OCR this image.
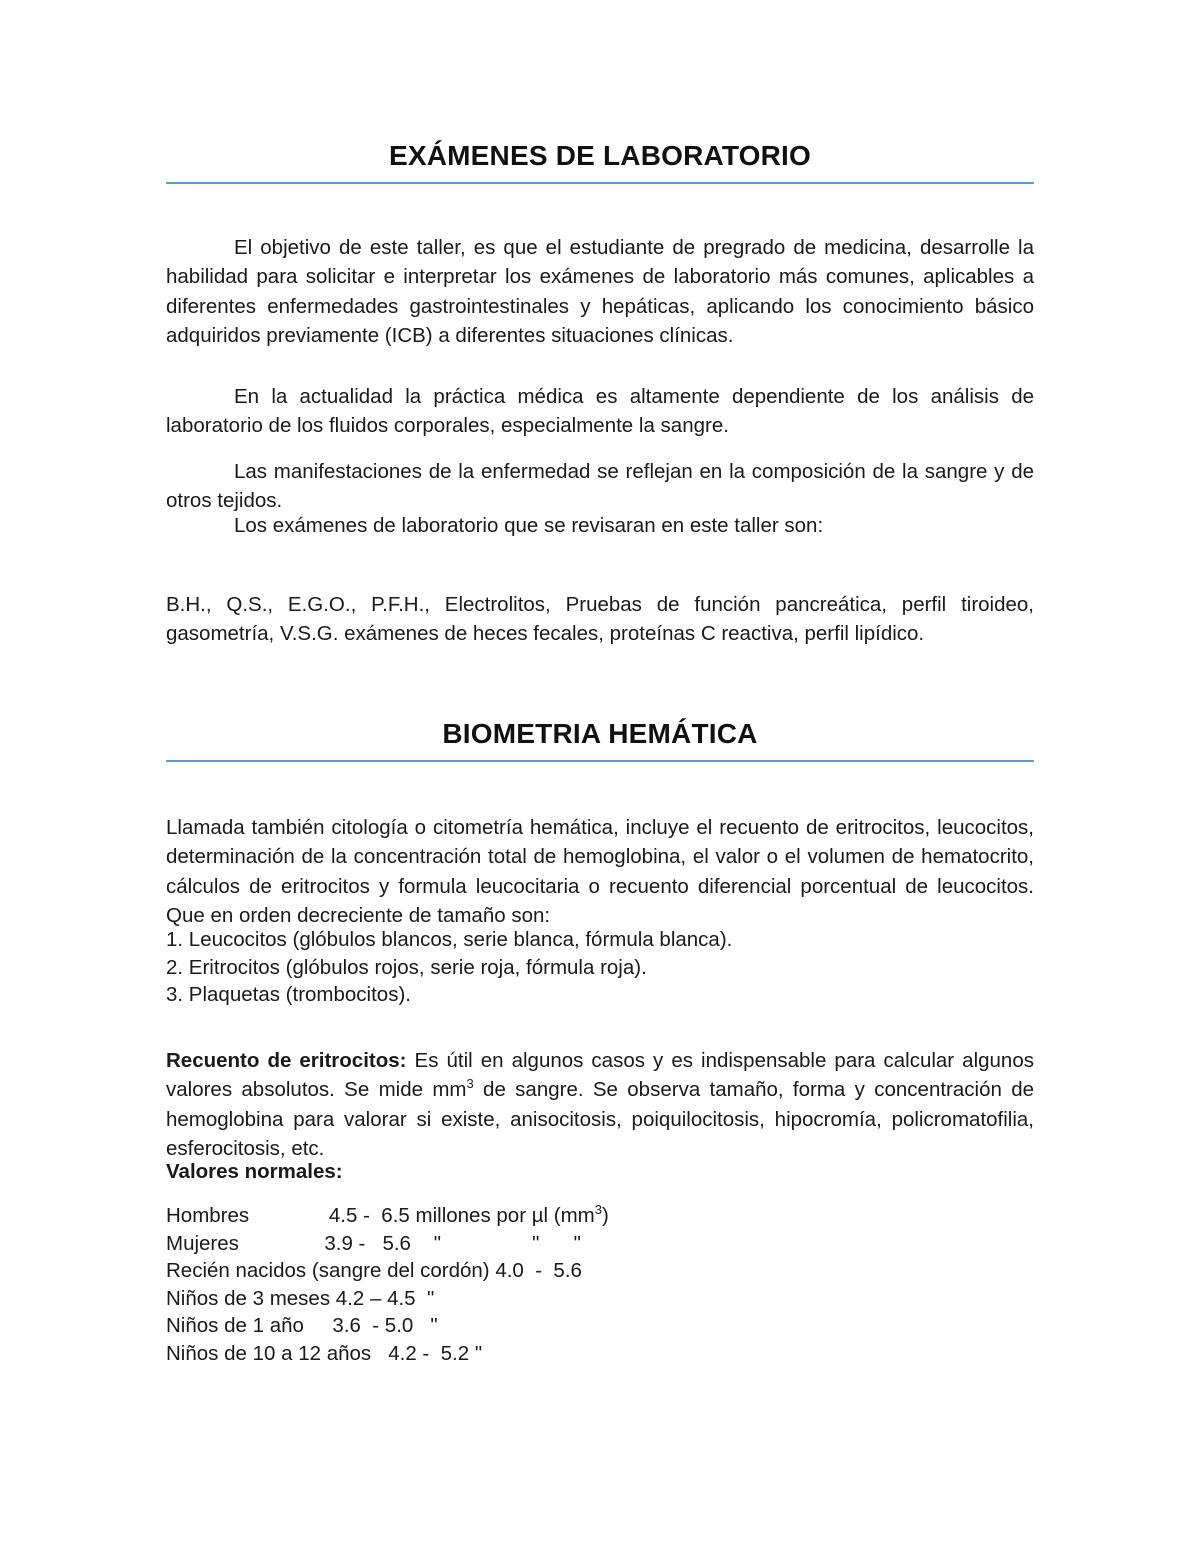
EXÁMENES DE LABORATORIO

El objetivo de este taller, es que el estudiante de pregrado de medicina, desarrolle la habilidad para solicitar e interpretar los exámenes de laboratorio más comunes, aplicables a diferentes enfermedades gastrointestinales y hepáticas, aplicando los conocimiento básico adquiridos previamente (ICB) a diferentes situaciones clínicas.

En la actualidad la práctica médica es altamente dependiente de los análisis de laboratorio de los fluidos corporales, especialmente la sangre.

Las manifestaciones de la enfermedad se reflejan en la composición de la sangre y de otros tejidos.

Los exámenes de laboratorio que se revisaran en este taller son:

B.H., Q.S., E.G.O., P.F.H., Electrolitos, Pruebas de función pancreática, perfil tiroideo, gasometría, V.S.G. exámenes de heces fecales, proteínas C reactiva, perfil lipídico.

BIOMETRIA HEMÁTICA

Llamada también citología o citometría hemática, incluye el recuento de eritrocitos, leucocitos, determinación de la concentración total de hemoglobina, el valor o el volumen de hematocrito, cálculos de eritrocitos y formula leucocitaria o recuento diferencial porcentual de leucocitos. Que en orden decreciente de tamaño son:

1. Leucocitos (glóbulos blancos, serie blanca, fórmula blanca).
2. Eritrocitos (glóbulos rojos, serie roja, fórmula roja).
3. Plaquetas (trombocitos).

Recuento de eritrocitos: Es útil en algunos casos y es indispensable para calcular algunos valores absolutos. Se mide $mm^3$ de sangre. Se observa tamaño, forma y concentración de hemoglobina para valorar si existe, anisocitosis, poiquilocitosis, hipocromía, policromatofilia, esferocitosis, etc.

Valores normales:

Hombres              4.5 -  6.5 millones por µl $(mm^3)$
Mujeres               3.9 -   5.6    "                "      "
Recién nacidos (sangre del cordón) 4.0  -  5.6
Niños de 3 meses 4.2 – 4.5  "
Niños de 1 año     3.6  - 5.0   "
Niños de 10 a 12 años   4.2 -  5.2 "
